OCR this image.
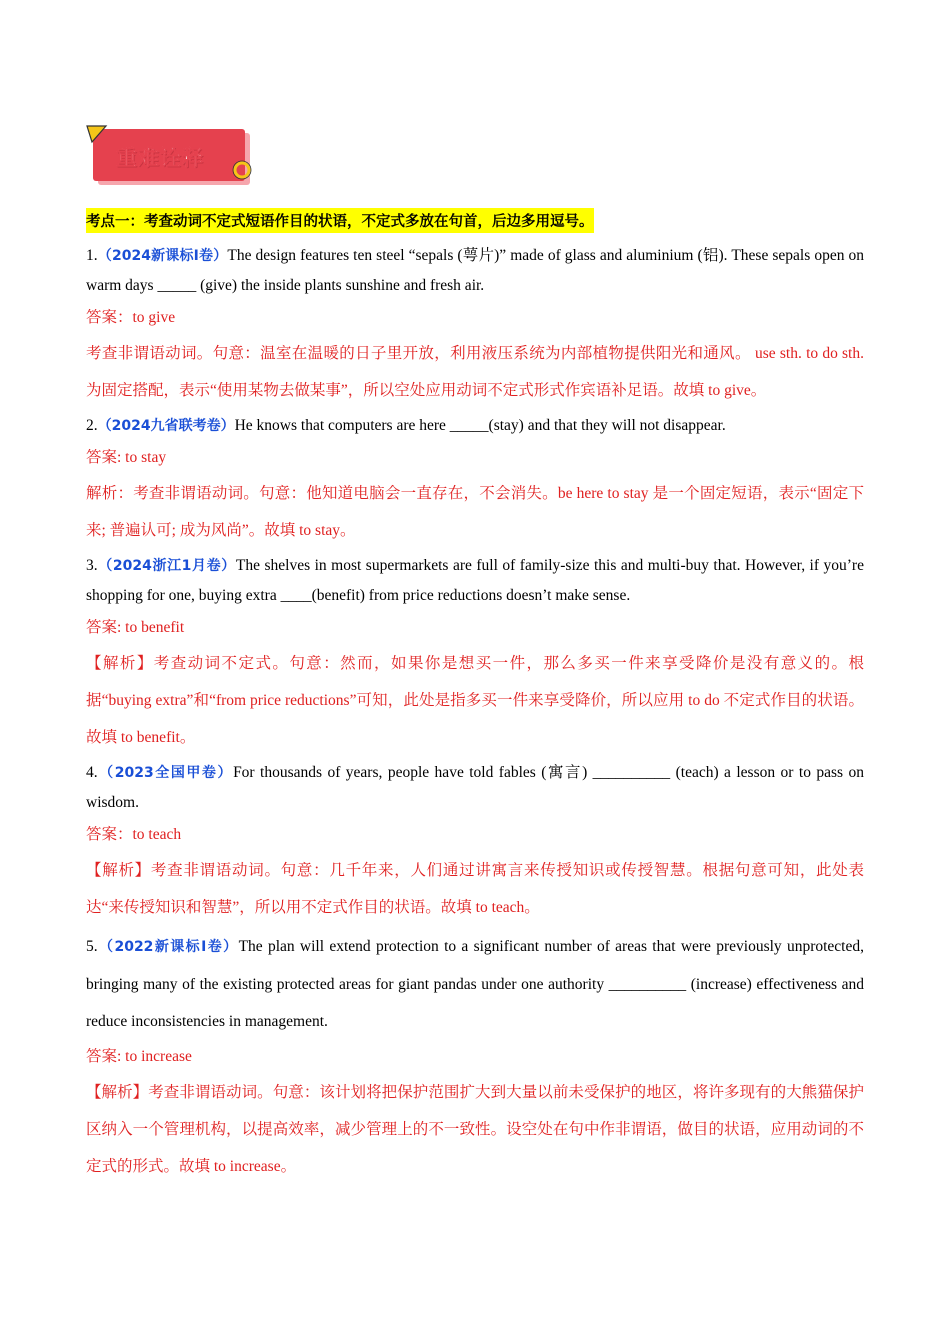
重难诠释
考点一：考查动词不定式短语作目的状语，不定式多放在句首，后边多用逗号。

1.（2024新课标I卷）The design features ten steel “sepals (萼片)” made of glass and aluminium (铝). These sepals open on warm days _____ (give) the inside plants sunshine and fresh air.

答案：to give

考查非谓语动词。句意：温室在温暖的日子里开放，利用液压系统为内部植物提供阳光和通风。 use sth. to do sth.为固定搭配，表示“使用某物去做某事”，所以空处应用动词不定式形式作宾语补足语。故填 to give。

2.（2024九省联考卷）He knows that computers are here _____(stay) and that they will not disappear.

答案: to stay

解析：考查非谓语动词。句意：他知道电脑会一直存在，不会消失。be here to stay 是一个固定短语，表示“固定下来; 普遍认可; 成为风尚”。故填 to stay。

3.（2024浙江1月卷）The shelves in most supermarkets are full of family-size this and multi-buy that. However, if you’re shopping for one, buying extra ____(benefit) from price reductions doesn’t make sense.

答案: to benefit

【解析】考查动词不定式。句意：然而，如果你是想买一件，那么多买一件来享受降价是没有意义的。根据“buying extra”和“from price reductions”可知，此处是指多买一件来享受降价，所以应用 to do 不定式作目的状语。故填 to benefit。

4.（2023全国甲卷）For thousands of years, people have told fables (寓言) __________ (teach) a lesson or to pass on wisdom.

答案：to teach

【解析】考查非谓语动词。句意：几千年来，人们通过讲寓言来传授知识或传授智慧。根据句意可知，此处表达“来传授知识和智慧”，所以用不定式作目的状语。故填 to teach。

5.（2022新课标I卷）The plan will extend protection to a significant number of areas that were previously unprotected, bringing many of the existing protected areas for giant pandas under one authority __________ (increase) effectiveness and reduce inconsistencies in management.

答案: to increase

【解析】考查非谓语动词。句意：该计划将把保护范围扩大到大量以前未受保护的地区，将许多现有的大熊猫保护区纳入一个管理机构，以提高效率，减少管理上的不一致性。设空处在句中作非谓语，做目的状语，应用动词的不定式的形式。故填 to increase。
